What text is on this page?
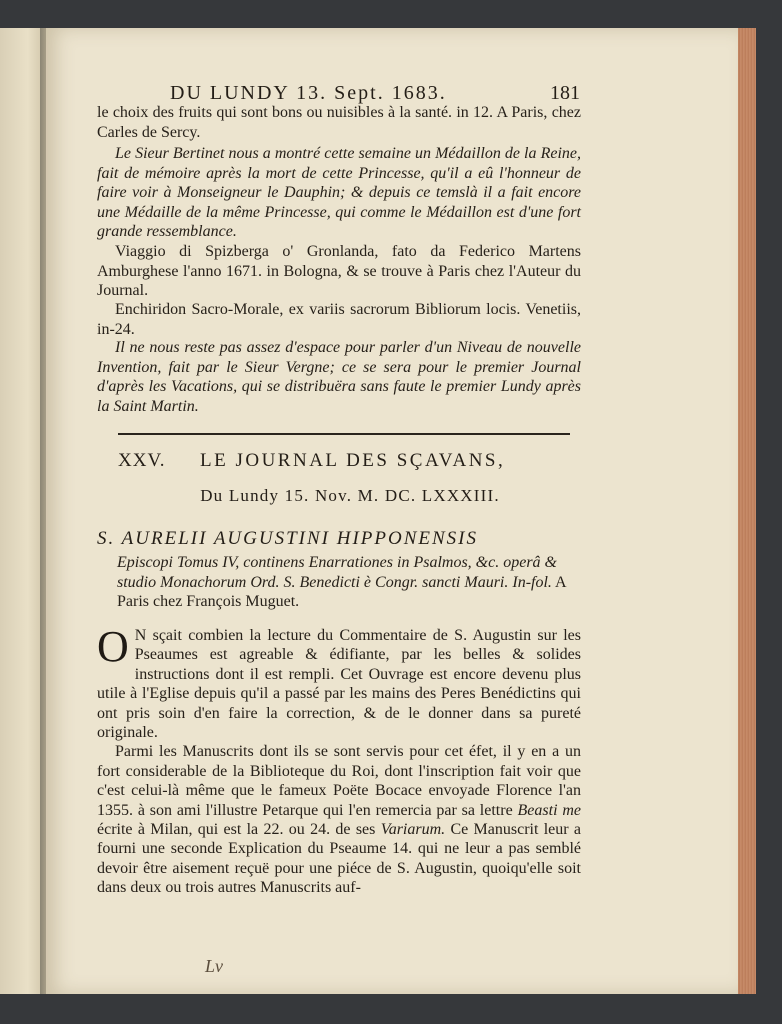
DU LUNDY 13. Sept. 1683.	181
le choix des fruits qui sont bons ou nuisibles à la santé. in 12. A Paris, chez Carles de Sercy.
Le Sieur Bertinet nous a montré cette semaine un Médaillon de la Reine, fait de mémoire après la mort de cette Princesse, qu'il a eû l'honneur de faire voir à Monseigneur le Dauphin; & depuis ce temslà il a fait encore une Médaille de la même Princesse, qui comme le Médaillon est d'une fort grande ressemblance.
Viaggio di Spizberga o' Gronlanda, fato da Federico Martens Amburghese l'anno 1671. in Bologna, & se trouve à Paris chez l'Auteur du Journal.
Enchiridon Sacro-Morale, ex variis sacrorum Bibliorum locis. Venetiis, in-24.
Il ne nous reste pas assez d'espace pour parler d'un Niveau de nouvelle Invention, fait par le Sieur Vergne; ce se sera pour le premier Journal d'après les Vacations, qui se distribuëra sans faute le premier Lundy après la Saint Martin.
XXV. LE JOURNAL DES SÇAVANS,
Du Lundy 15. Nov. M. DC. LXXXIII.
S. AURELII AUGUSTINI HIPPONENSIS
Episcopi Tomus IV, continens Enarrationes in Psalmos, &c. operâ & studio Monachorum Ord. S. Benedicti è Congr. sancti Mauri. In-fol. A Paris chez François Muguet.
O N sçait combien la lecture du Commentaire de S. Augustin sur les Pseaumes est agreable & édifiante, par les belles & solides instructions dont il est rempli. Cet Ouvrage est encore devenu plus utile à l'Eglise depuis qu'il a passé par les mains des Peres Benédictins qui ont pris soin d'en faire la correction, & de le donner dans sa pureté originale.
Parmi les Manuscrits dont ils se sont servis pour cet éfet, il y en a un fort considerable de la Biblioteque du Roi, dont l'inscription fait voir que c'est celui-là même que le fameux Poëte Bocace envoyade Florence l'an 1355. à son ami l'illustre Petarque qui l'en remercia par sa lettre Beasti me écrite à Milan, qui est la 22. ou 24. de ses Variarum. Ce Manuscrit leur a fourni une seconde Explication du Pseaume 14. qui ne leur a pas semblé devoir être aisement reçuë pour une piéce de S. Augustin, quoiqu'elle soit dans deux ou trois autres Manuscrits auf-
Lv
